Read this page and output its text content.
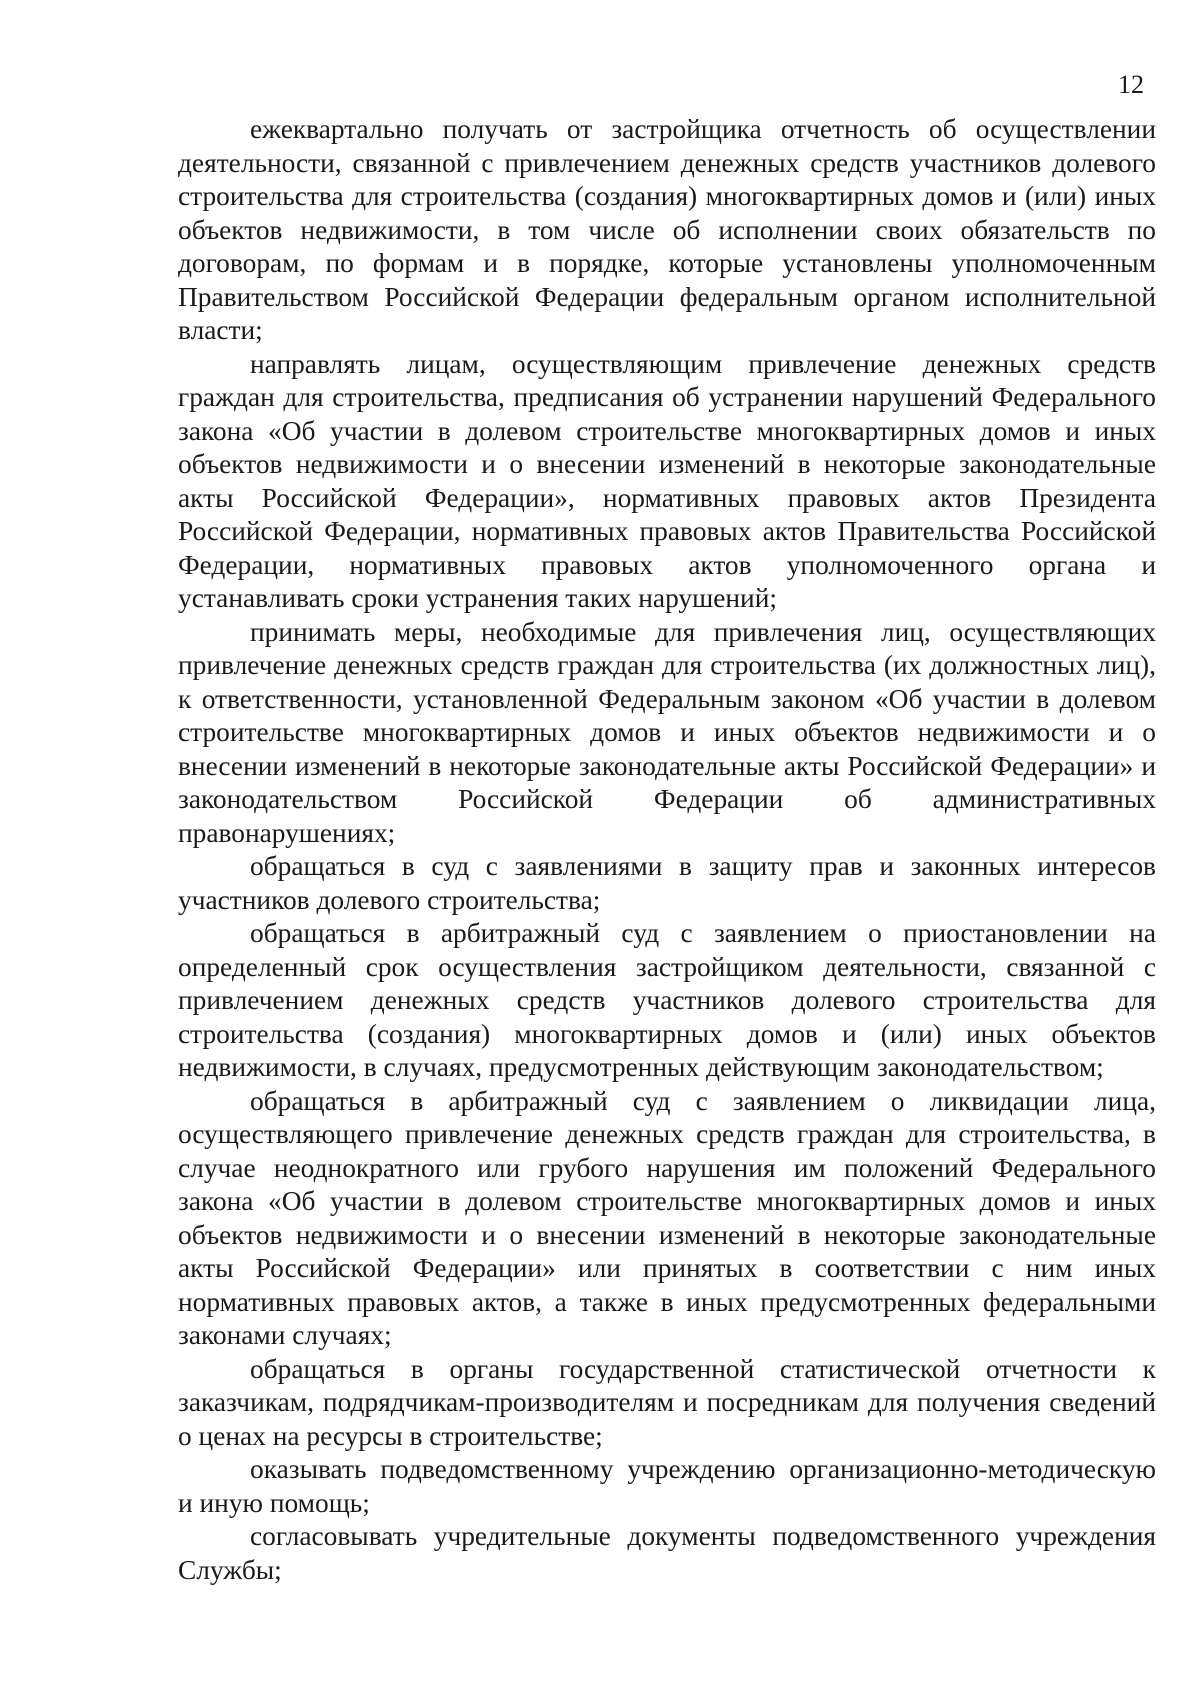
12

ежеквартально получать от застройщика отчетность об осуществлении деятельности, связанной с привлечением денежных средств участников долевого строительства для строительства (создания) многоквартирных домов и (или) иных объектов недвижимости, в том числе об исполнении своих обязательств по договорам, по формам и в порядке, которые установлены уполномоченным Правительством Российской Федерации федеральным органом исполнительной власти;

направлять лицам, осуществляющим привлечение денежных средств граждан для строительства, предписания об устранении нарушений Федерального закона «Об участии в долевом строительстве многоквартирных домов и иных объектов недвижимости и о внесении изменений в некоторые законодательные акты Российской Федерации», нормативных правовых актов Президента Российской Федерации, нормативных правовых актов Правительства Российской Федерации, нормативных правовых актов уполномоченного органа и устанавливать сроки устранения таких нарушений;

принимать меры, необходимые для привлечения лиц, осуществляющих привлечение денежных средств граждан для строительства (их должностных лиц), к ответственности, установленной Федеральным законом «Об участии в долевом строительстве многоквартирных домов и иных объектов недвижимости и о внесении изменений в некоторые законодательные акты Российской Федерации» и законодательством Российской Федерации об административных правонарушениях;

обращаться в суд с заявлениями в защиту прав и законных интересов участников долевого строительства;

обращаться в арбитражный суд с заявлением о приостановлении на определенный срок осуществления застройщиком деятельности, связанной с привлечением денежных средств участников долевого строительства для строительства (создания) многоквартирных домов и (или) иных объектов недвижимости, в случаях, предусмотренных действующим законодательством;

обращаться в арбитражный суд с заявлением о ликвидации лица, осуществляющего привлечение денежных средств граждан для строительства, в случае неоднократного или грубого нарушения им положений Федерального закона «Об участии в долевом строительстве многоквартирных домов и иных объектов недвижимости и о внесении изменений в некоторые законодательные акты Российской Федерации» или принятых в соответствии с ним иных нормативных правовых актов, а также в иных предусмотренных федеральными законами случаях;

обращаться в органы государственной статистической отчетности к заказчикам, подрядчикам-производителям и посредникам для получения сведений о ценах на ресурсы в строительстве;

оказывать подведомственному учреждению организационно-методическую и иную помощь;

согласовывать учредительные документы подведомственного учреждения Службы;
